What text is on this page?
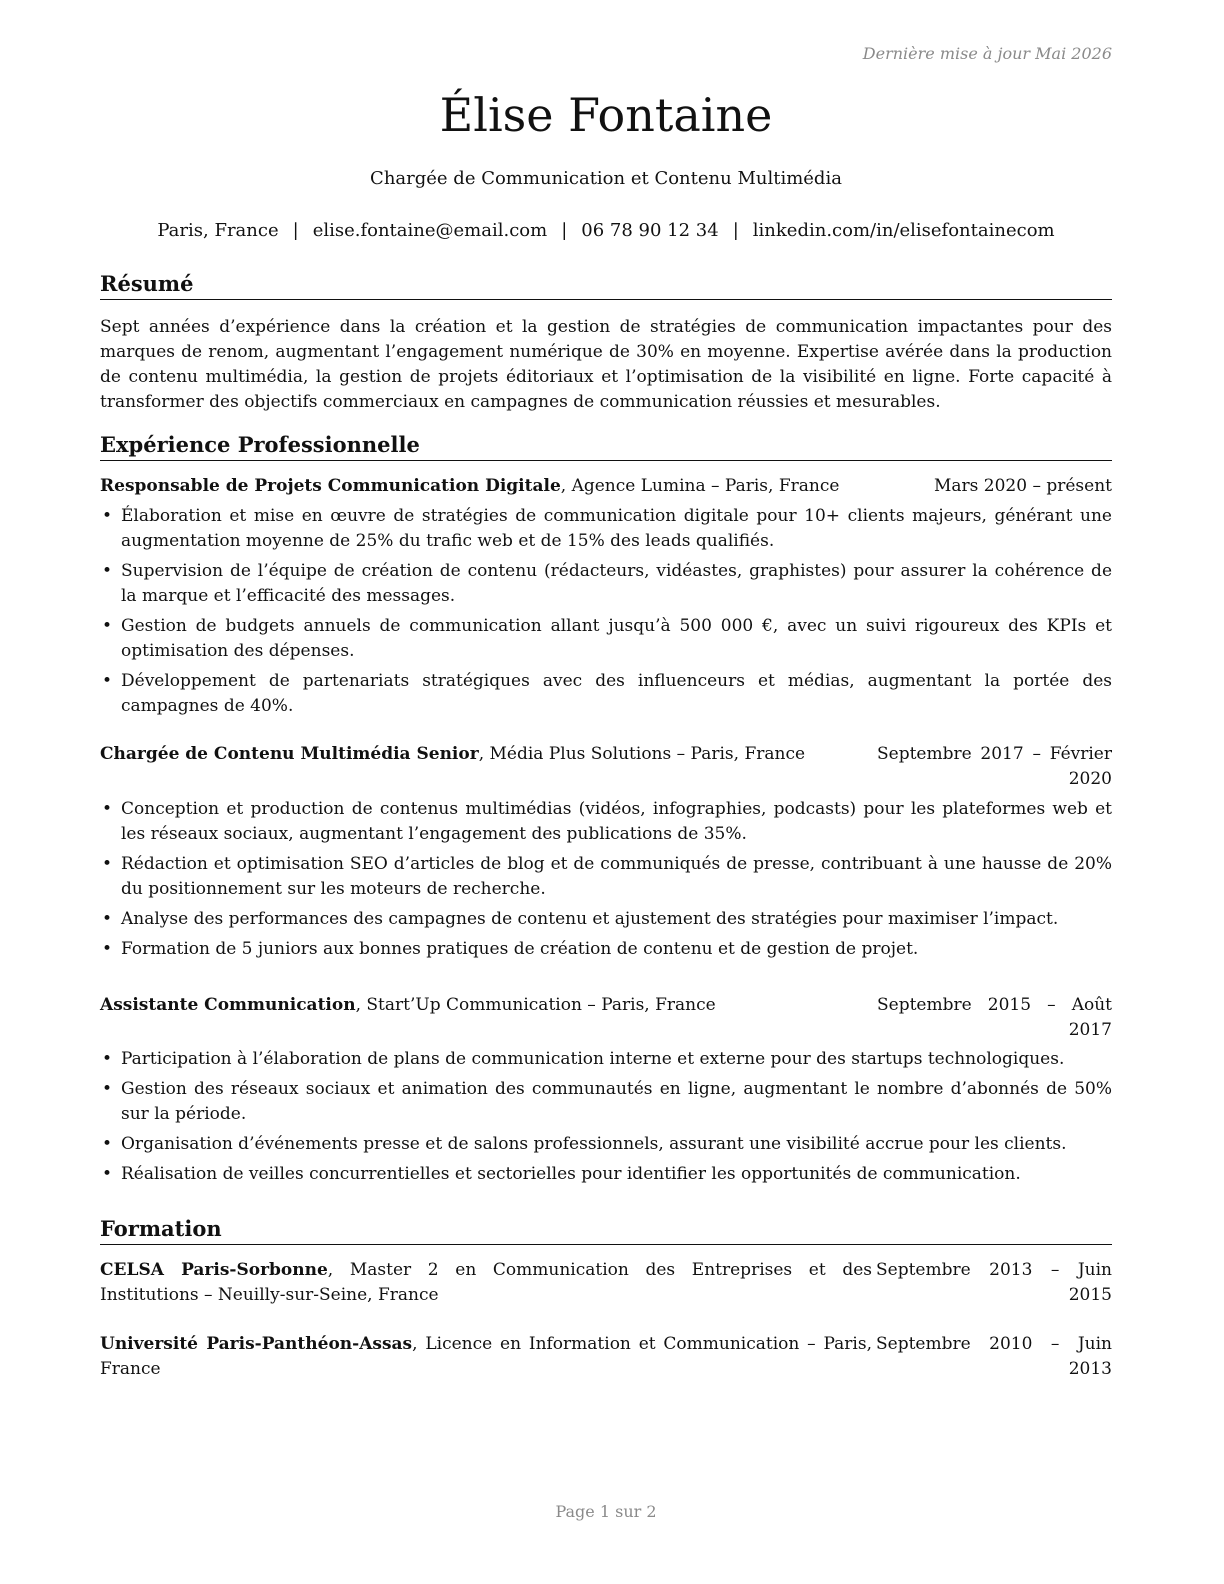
Dernière mise à jour Mai 2026
Élise Fontaine
Chargée de Communication et Contenu Multimédia
Paris, France | elise.fontaine@email.com | 06 78 90 12 34 | linkedin.com/in/elisefontainecom
Résumé
Sept années d’expérience dans la création et la gestion de stratégies de communication impactantes pour des marques de renom, augmentant l’engagement numérique de 30% en moyenne. Expertise avérée dans la production de contenu multimédia, la gestion de projets éditoriaux et l’optimisation de la visibilité en ligne. Forte capacité à transformer des objectifs commerciaux en campagnes de communication réussies et mesurables.
Expérience Professionnelle
Responsable de Projets Communication Digitale, Agence Lumina – Paris, France	Mars 2020 – présent
• Élaboration et mise en œuvre de stratégies de communication digitale pour 10+ clients majeurs, générant une augmentation moyenne de 25% du trafic web et de 15% des leads qualifiés.
• Supervision de l’équipe de création de contenu (rédacteurs, vidéastes, graphistes) pour assurer la cohérence de la marque et l’efficacité des messages.
• Gestion de budgets annuels de communication allant jusqu’à 500 000 €, avec un suivi rigoureux des KPIs et optimisation des dépenses.
• Développement de partenariats stratégiques avec des influenceurs et médias, augmentant la portée des campagnes de 40%.
Chargée de Contenu Multimédia Senior, Média Plus Solutions – Paris, France	Septembre 2017 – Février 2020
• Conception et production de contenus multimédias (vidéos, infographies, podcasts) pour les plateformes web et les réseaux sociaux, augmentant l’engagement des publications de 35%.
• Rédaction et optimisation SEO d’articles de blog et de communiqués de presse, contribuant à une hausse de 20% du positionnement sur les moteurs de recherche.
• Analyse des performances des campagnes de contenu et ajustement des stratégies pour maximiser l’impact.
• Formation de 5 juniors aux bonnes pratiques de création de contenu et de gestion de projet.
Assistante Communication, Start’Up Communication – Paris, France	Septembre 2015 – Août 2017
• Participation à l’élaboration de plans de communication interne et externe pour des startups technologiques.
• Gestion des réseaux sociaux et animation des communautés en ligne, augmentant le nombre d’abonnés de 50% sur la période.
• Organisation d’événements presse et de salons professionnels, assurant une visibilité accrue pour les clients.
• Réalisation de veilles concurrentielles et sectorielles pour identifier les opportunités de communication.
Formation
CELSA Paris-Sorbonne, Master 2 en Communication des Entreprises et des Institutions – Neuilly-sur-Seine, France
Septembre 2013 – Juin 2015
Université Paris-Panthéon-Assas, Licence en Information et Communication – Paris, France
Septembre 2010 – Juin 2013
Page 1 sur 2
